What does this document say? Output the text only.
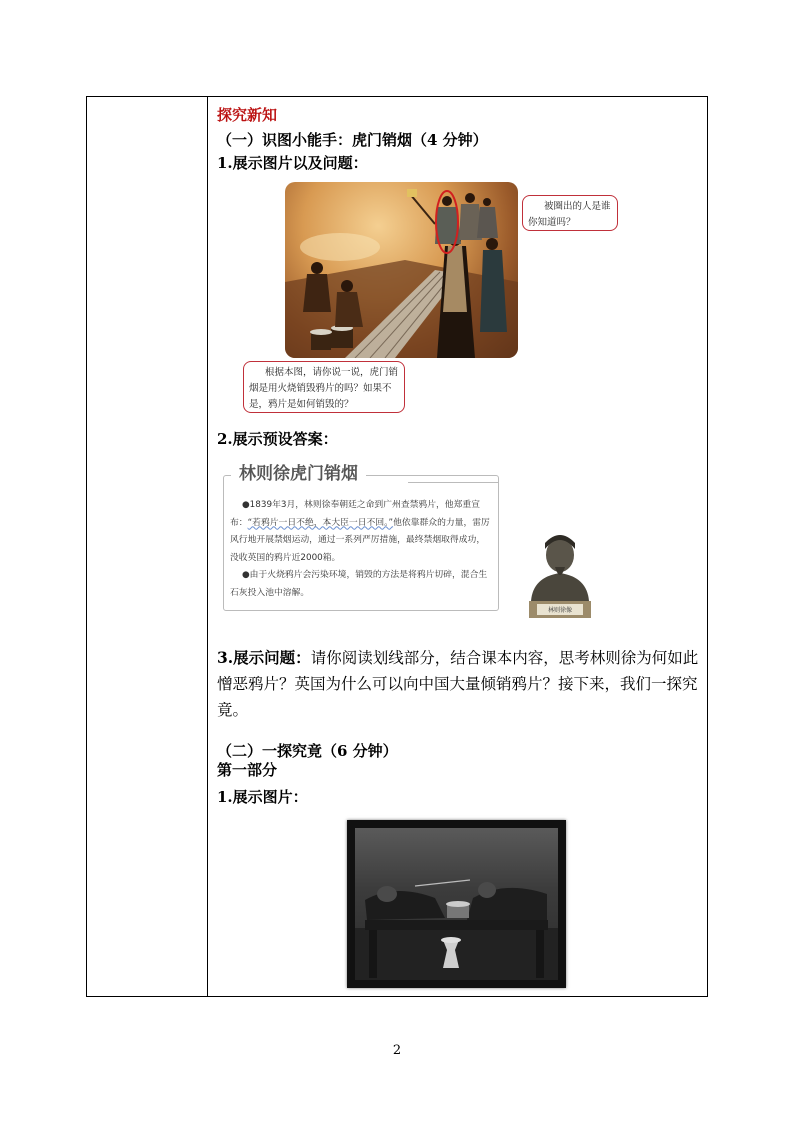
探究新知
（一）识图小能手：虎门销烟（4 分钟）
1.展示图片以及问题：
被圈出的人是谁你知道吗？
根据本图，请你说一说，虎门销烟是用火烧销毁鸦片的吗？如果不是，鸦片是如何销毁的？
2.展示预设答案：
林则徐虎门销烟

●1839年3月，林则徐奉朝廷之命到广州查禁鸦片，他郑重宣布：“若鸦片一日不绝，本大臣一日不回。”他依靠群众的力量，雷厉风行地开展禁烟运动，通过一系列严厉措施，最终禁烟取得成功，没收英国的鸦片近2000箱。

●由于火烧鸦片会污染环境，销毁的方法是将鸦片切碎，混合生石灰投入池中溶解。

林则徐像
3.展示问题：请你阅读划线部分，结合课本内容，思考林则徐为何如此憎恶鸦片？英国为什么可以向中国大量倾销鸦片？接下来，我们一探究竟。
（二）一探究竟（6 分钟）
第一部分
1.展示图片：
2
